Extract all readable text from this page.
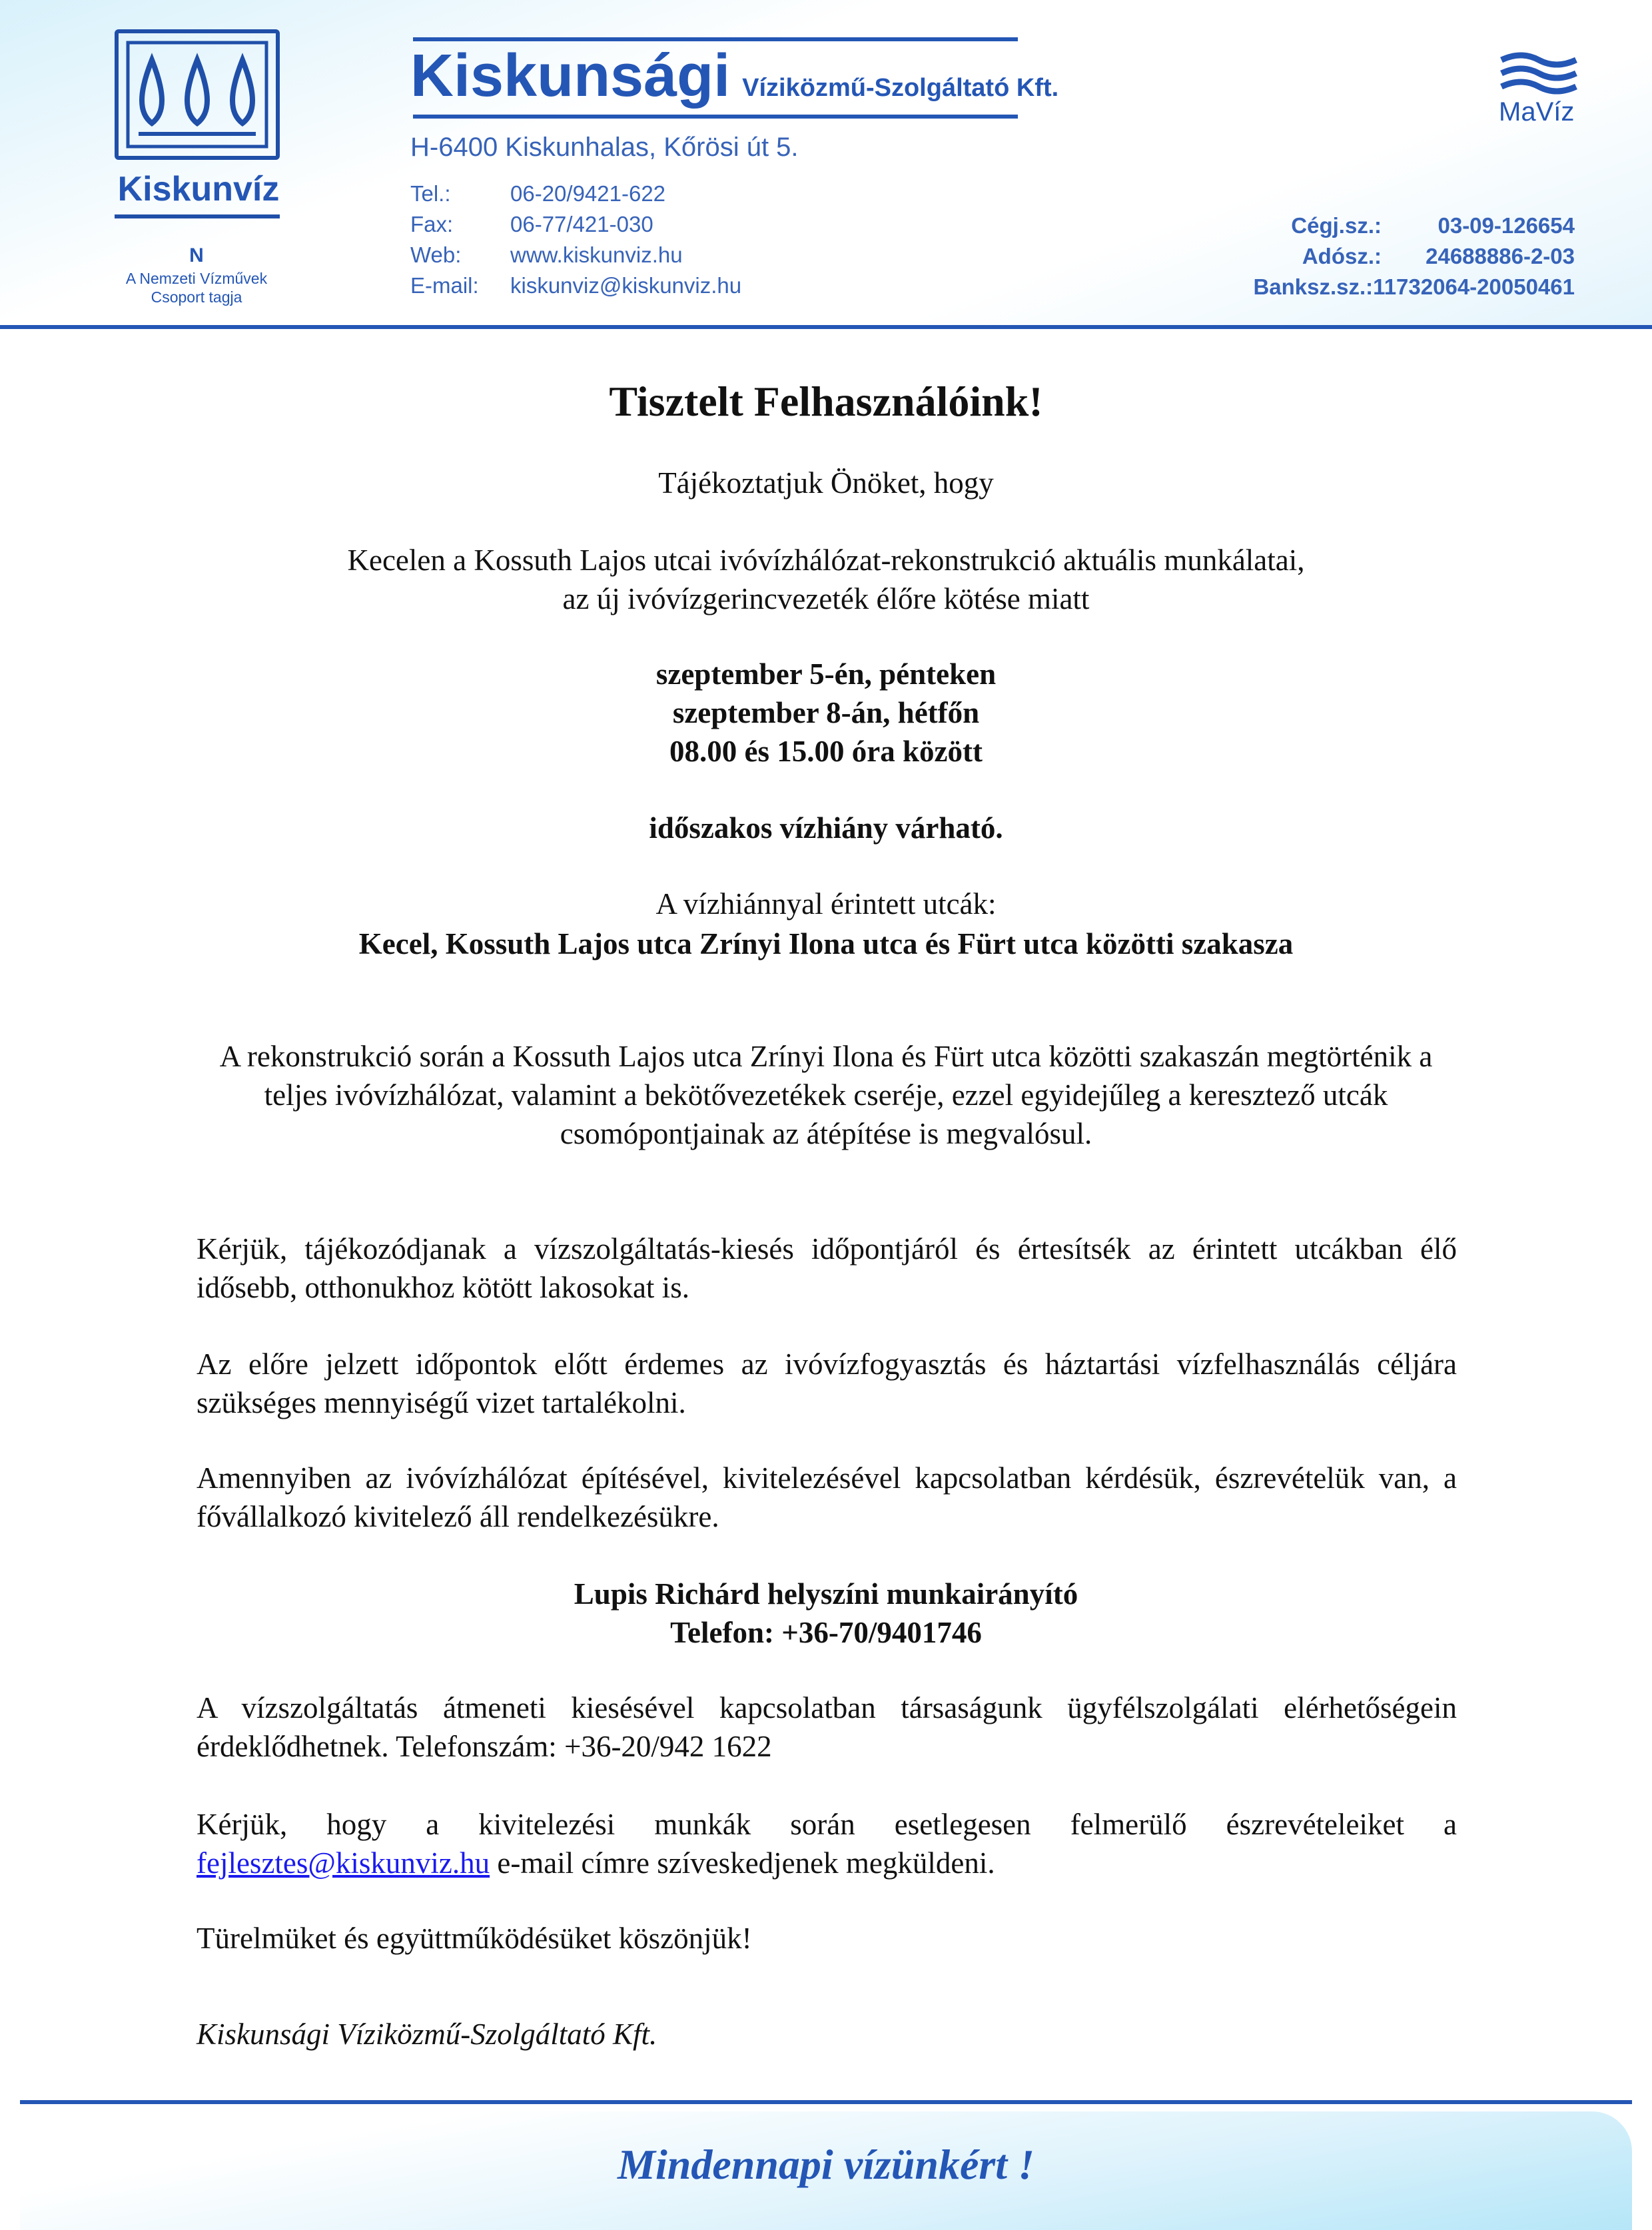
Kiskunvíz
N
A Nemzeti Vízművek
Csoport tagja
Kiskunsági Víziközmű-Szolgáltató Kft.
H-6400 Kiskunhalas, Kőrösi út 5.
Tel.:	06-20/9421-622
Fax:	06-77/421-030
Web: www.kiskunviz.hu
E-mail: kiskunviz@kiskunviz.hu
MaVíz
Cégj.sz.:	03-09-126654
Adósz.: 24688886-2-03
Banksz.sz.:11732064-20050461
Tisztelt Felhasználóink!
Tájékoztatjuk Önöket, hogy
Kecelen a Kossuth Lajos utcai ivóvízhálózat-rekonstrukció aktuális munkálatai,
az új ivóvízgerincvezeték élőre kötése miatt
szeptember 5-én, pénteken
szeptember 8-án, hétfőn
08.00 és 15.00 óra között
időszakos vízhiány várható.
A vízhiánnyal érintett utcák:
Kecel, Kossuth Lajos utca Zrínyi Ilona utca és Fürt utca közötti szakasza
A rekonstrukció során a Kossuth Lajos utca Zrínyi Ilona és Fürt utca közötti szakaszán megtörténik a teljes ivóvízhálózat, valamint a bekötővezetékek cseréje, ezzel egyidejűleg a keresztező utcák csomópontjainak az átépítése is megvalósul.
Kérjük, tájékozódjanak a vízszolgáltatás-kiesés időpontjáról és értesítsék az érintett utcákban élő idősebb, otthonukhoz kötött lakosokat is.
Az előre jelzett időpontok előtt érdemes az ivóvízfogyasztás és háztartási vízfelhasználás céljára szükséges mennyiségű vizet tartalékolni.
Amennyiben az ivóvízhálózat építésével, kivitelezésével kapcsolatban kérdésük, észrevételük van, a fővállalkozó kivitelező áll rendelkezésükre.
Lupis Richárd helyszíni munkairányító
Telefon: +36-70/9401746
A vízszolgáltatás átmeneti kiesésével kapcsolatban társaságunk ügyfélszolgálati elérhetőségein érdeklődhetnek. Telefonszám: +36-20/942 1622
Kérjük, hogy a kivitelezési munkák során esetlegesen felmerülő észrevételeiket a fejlesztes@kiskunviz.hu e-mail címre szíveskedjenek megküldeni.
Türelmüket és együttműködésüket köszönjük!
Kiskunsági Víziközmű-Szolgáltató Kft.
Mindennapi vízünkért !
